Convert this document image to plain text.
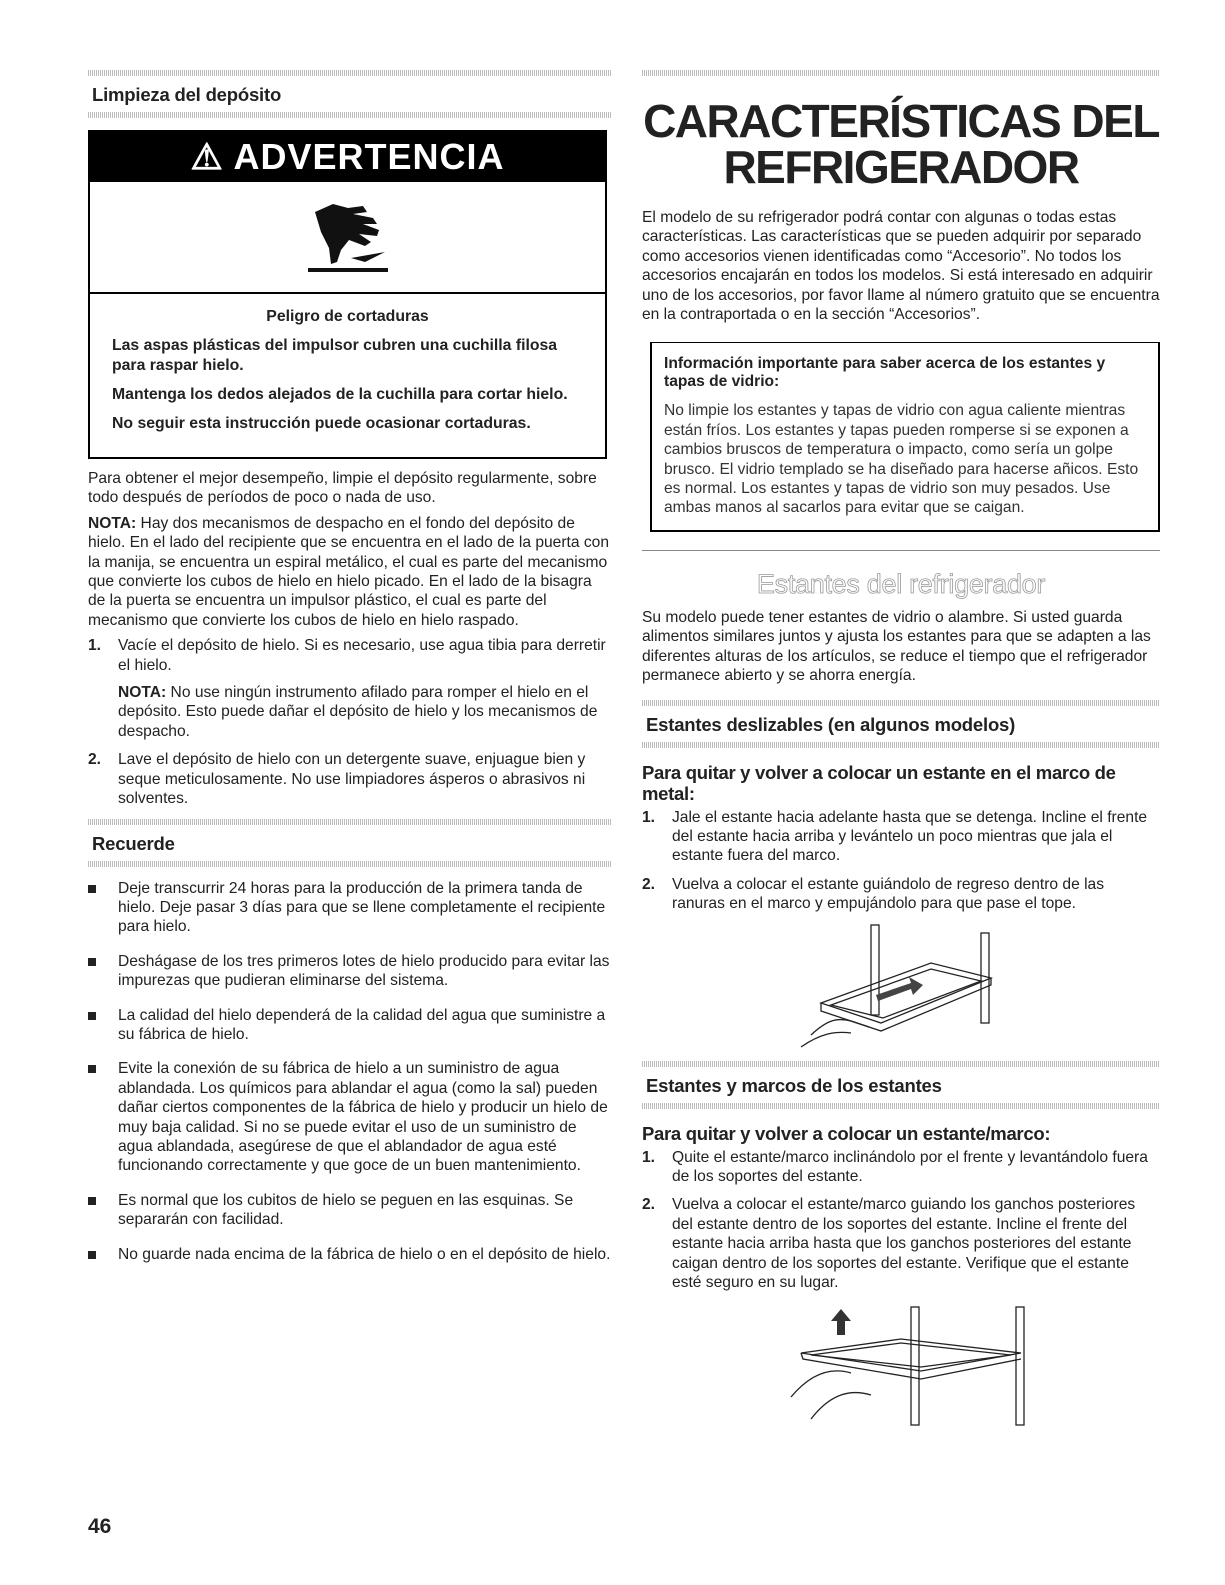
Limpieza del depósito
⚠ ADVERTENCIA
Peligro de cortaduras

Las aspas plásticas del impulsor cubren una cuchilla filosa para raspar hielo.

Mantenga los dedos alejados de la cuchilla para cortar hielo.

No seguir esta instrucción puede ocasionar cortaduras.

Para obtener el mejor desempeño, limpie el depósito regularmente, sobre todo después de períodos de poco o nada de uso.

NOTA: Hay dos mecanismos de despacho en el fondo del depósito de hielo. En el lado del recipiente que se encuentra en el lado de la puerta con la manija, se encuentra un espiral metálico, el cual es parte del mecanismo que convierte los cubos de hielo en hielo picado. En el lado de la bisagra de la puerta se encuentra un impulsor plástico, el cual es parte del mecanismo que convierte los cubos de hielo en hielo raspado.

1. Vacíe el depósito de hielo. Si es necesario, use agua tibia para derretir el hielo.
NOTA: No use ningún instrumento afilado para romper el hielo en el depósito. Esto puede dañar el depósito de hielo y los mecanismos de despacho.
2. Lave el depósito de hielo con un detergente suave, enjuague bien y seque meticulosamente. No use limpiadores ásperos o abrasivos ni solventes.
Recuerde
Deje transcurrir 24 horas para la producción de la primera tanda de hielo. Deje pasar 3 días para que se llene completamente el recipiente para hielo.
Deshágase de los tres primeros lotes de hielo producido para evitar las impurezas que pudieran eliminarse del sistema.
La calidad del hielo dependerá de la calidad del agua que suministre a su fábrica de hielo.
Evite la conexión de su fábrica de hielo a un suministro de agua ablandada. Los químicos para ablandar el agua (como la sal) pueden dañar ciertos componentes de la fábrica de hielo y producir un hielo de muy baja calidad. Si no se puede evitar el uso de un suministro de agua ablandada, asegúrese de que el ablandador de agua esté funcionando correctamente y que goce de un buen mantenimiento.
Es normal que los cubitos de hielo se peguen en las esquinas. Se separarán con facilidad.
No guarde nada encima de la fábrica de hielo o en el depósito de hielo.
CARACTERÍSTICAS DEL
REFRIGERADOR

El modelo de su refrigerador podrá contar con algunas o todas estas características. Las características que se pueden adquirir por separado como accesorios vienen identificadas como “Accesorio”. No todos los accesorios encajarán en todos los modelos. Si está interesado en adquirir uno de los accesorios, por favor llame al número gratuito que se encuentra en la contraportada o en la sección “Accesorios”.

Información importante para saber acerca de los estantes y tapas de vidrio:

No limpie los estantes y tapas de vidrio con agua caliente mientras están fríos. Los estantes y tapas pueden romperse si se exponen a cambios bruscos de temperatura o impacto, como sería un golpe brusco. El vidrio templado se ha diseñado para hacerse añicos. Esto es normal. Los estantes y tapas de vidrio son muy pesados. Use ambas manos al sacarlos para evitar que se caigan.

Estantes del refrigerador

Su modelo puede tener estantes de vidrio o alambre. Si usted guarda alimentos similares juntos y ajusta los estantes para que se adapten a las diferentes alturas de los artículos, se reduce el tiempo que el refrigerador permanece abierto y se ahorra energía.

Estantes deslizables (en algunos modelos)
Para quitar y volver a colocar un estante en el marco de metal:
1. Jale el estante hacia adelante hasta que se detenga. Incline el frente del estante hacia arriba y levántelo un poco mientras que jala el estante fuera del marco.
2. Vuelva a colocar el estante guiándolo de regreso dentro de las ranuras en el marco y empujándolo para que pase el tope.
Estantes y marcos de los estantes
Para quitar y volver a colocar un estante/marco:
1. Quite el estante/marco inclinándolo por el frente y levantándolo fuera de los soportes del estante.
2. Vuelva a colocar el estante/marco guiando los ganchos posteriores del estante dentro de los soportes del estante. Incline el frente del estante hacia arriba hasta que los ganchos posteriores del estante caigan dentro de los soportes del estante. Verifique que el estante esté seguro en su lugar.
46
